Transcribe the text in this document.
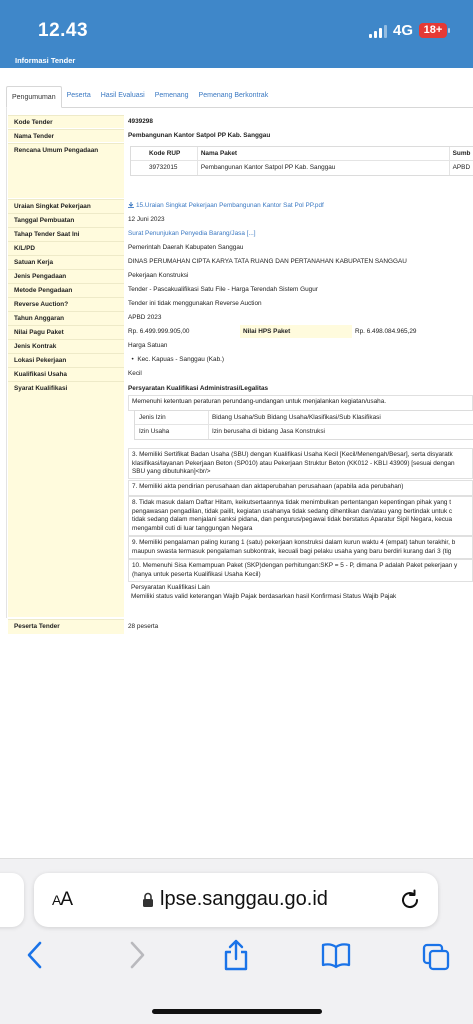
12.43	4G 18+
Informasi Tender
Pengumuman	Peserta	Hasil Evaluasi	Pemenang	Pemenang Berkontrak
Kode Tender	4939298
Nama Tender	Pembangunan Kantor Satpol PP Kab. Sanggau
Rencana Umum Pengadaan	Kode RUP	Nama Paket	Sumb
39732015	Pembangunan Kantor Satpol PP Kab. Sanggau	APBD
Uraian Singkat Pekerjaan	15.Uraian Singkat Pekerjaan Pembangunan Kantor Sat Pol PP.pdf
Tanggal Pembuatan	12 Juni 2023
Tahap Tender Saat Ini	Surat Penunjukan Penyedia Barang/Jasa [...]
K/L/PD	Pemerintah Daerah Kabupaten Sanggau
Satuan Kerja	DINAS PERUMAHAN CIPTA KARYA TATA RUANG DAN PERTANAHAN KABUPATEN SANGGAU
Jenis Pengadaan	Pekerjaan Konstruksi
Metode Pengadaan	Tender - Pascakualifikasi Satu File - Harga Terendah Sistem Gugur
Reverse Auction?	Tender ini tidak menggunakan Reverse Auction
Tahun Anggaran	APBD 2023
Nilai Pagu Paket	Rp. 6.499.999.905,00	Nilai HPS Paket	Rp. 6.498.084.965,29
Jenis Kontrak	Harga Satuan
Lokasi Pekerjaan	•  Kec. Kapuas - Sanggau (Kab.)
Kualifikasi Usaha	Kecil
Syarat Kualifikasi	Persyaratan Kualifikasi Administrasi/Legalitas
Memenuhi ketentuan peraturan perundang-undangan untuk menjalankan kegiatan/usaha.
Jenis Izin	Bidang Usaha/Sub Bidang Usaha/Klasifikasi/Sub Klasifikasi
Izin Usaha	Izin berusaha di bidang Jasa Konstruksi
3. Memiliki Sertifikat Badan Usaha (SBU) dengan Kualifikasi Usaha Kecil [Kecil/Menengah/Besar], serta disyaratk
klasifikasi/layanan Pekerjaan Beton (SP010) atau Pekerjaan Struktur Beton (KK012 - KBLI 43909) [sesuai dengan
SBU yang dibutuhkan]<br/>
7. Memiliki akta pendirian perusahaan dan aktaperubahan perusahaan (apabila ada perubahan)
8. Tidak masuk dalam Daftar Hitam, keikutsertaannya tidak menimbulkan pertentangan kepentingan pihak yang t
pengawasan pengadilan, tidak pailit, kegiatan usahanya tidak sedang dihentikan dan/atau yang bertindak untuk c
tidak sedang dalam menjalani sanksi pidana, dan pengurus/pegawai tidak berstatus Aparatur Sipil Negara, kecua
mengambil cuti di luar tanggungan Negara
9. Memiliki pengalaman paling kurang 1 (satu) pekerjaan konstruksi dalam kurun waktu 4 (empat) tahun terakhir, b
maupun swasta termasuk pengalaman subkontrak, kecuali bagi pelaku usaha yang baru berdiri kurang dari 3 (tig
10. Memenuhi Sisa Kemampuan Paket (SKP)dengan perhitungan:SKP = 5 - P, dimana P adalah Paket pekerjaan y
(hanya untuk peserta Kualifikasi Usaha Kecil)
Persyaratan Kualifikasi Lain
Memiliki status valid keterangan Wajib Pajak berdasarkan hasil Konfirmasi Status Wajib Pajak
Peserta Tender	28 peserta
AA	lpse.sanggau.go.id
